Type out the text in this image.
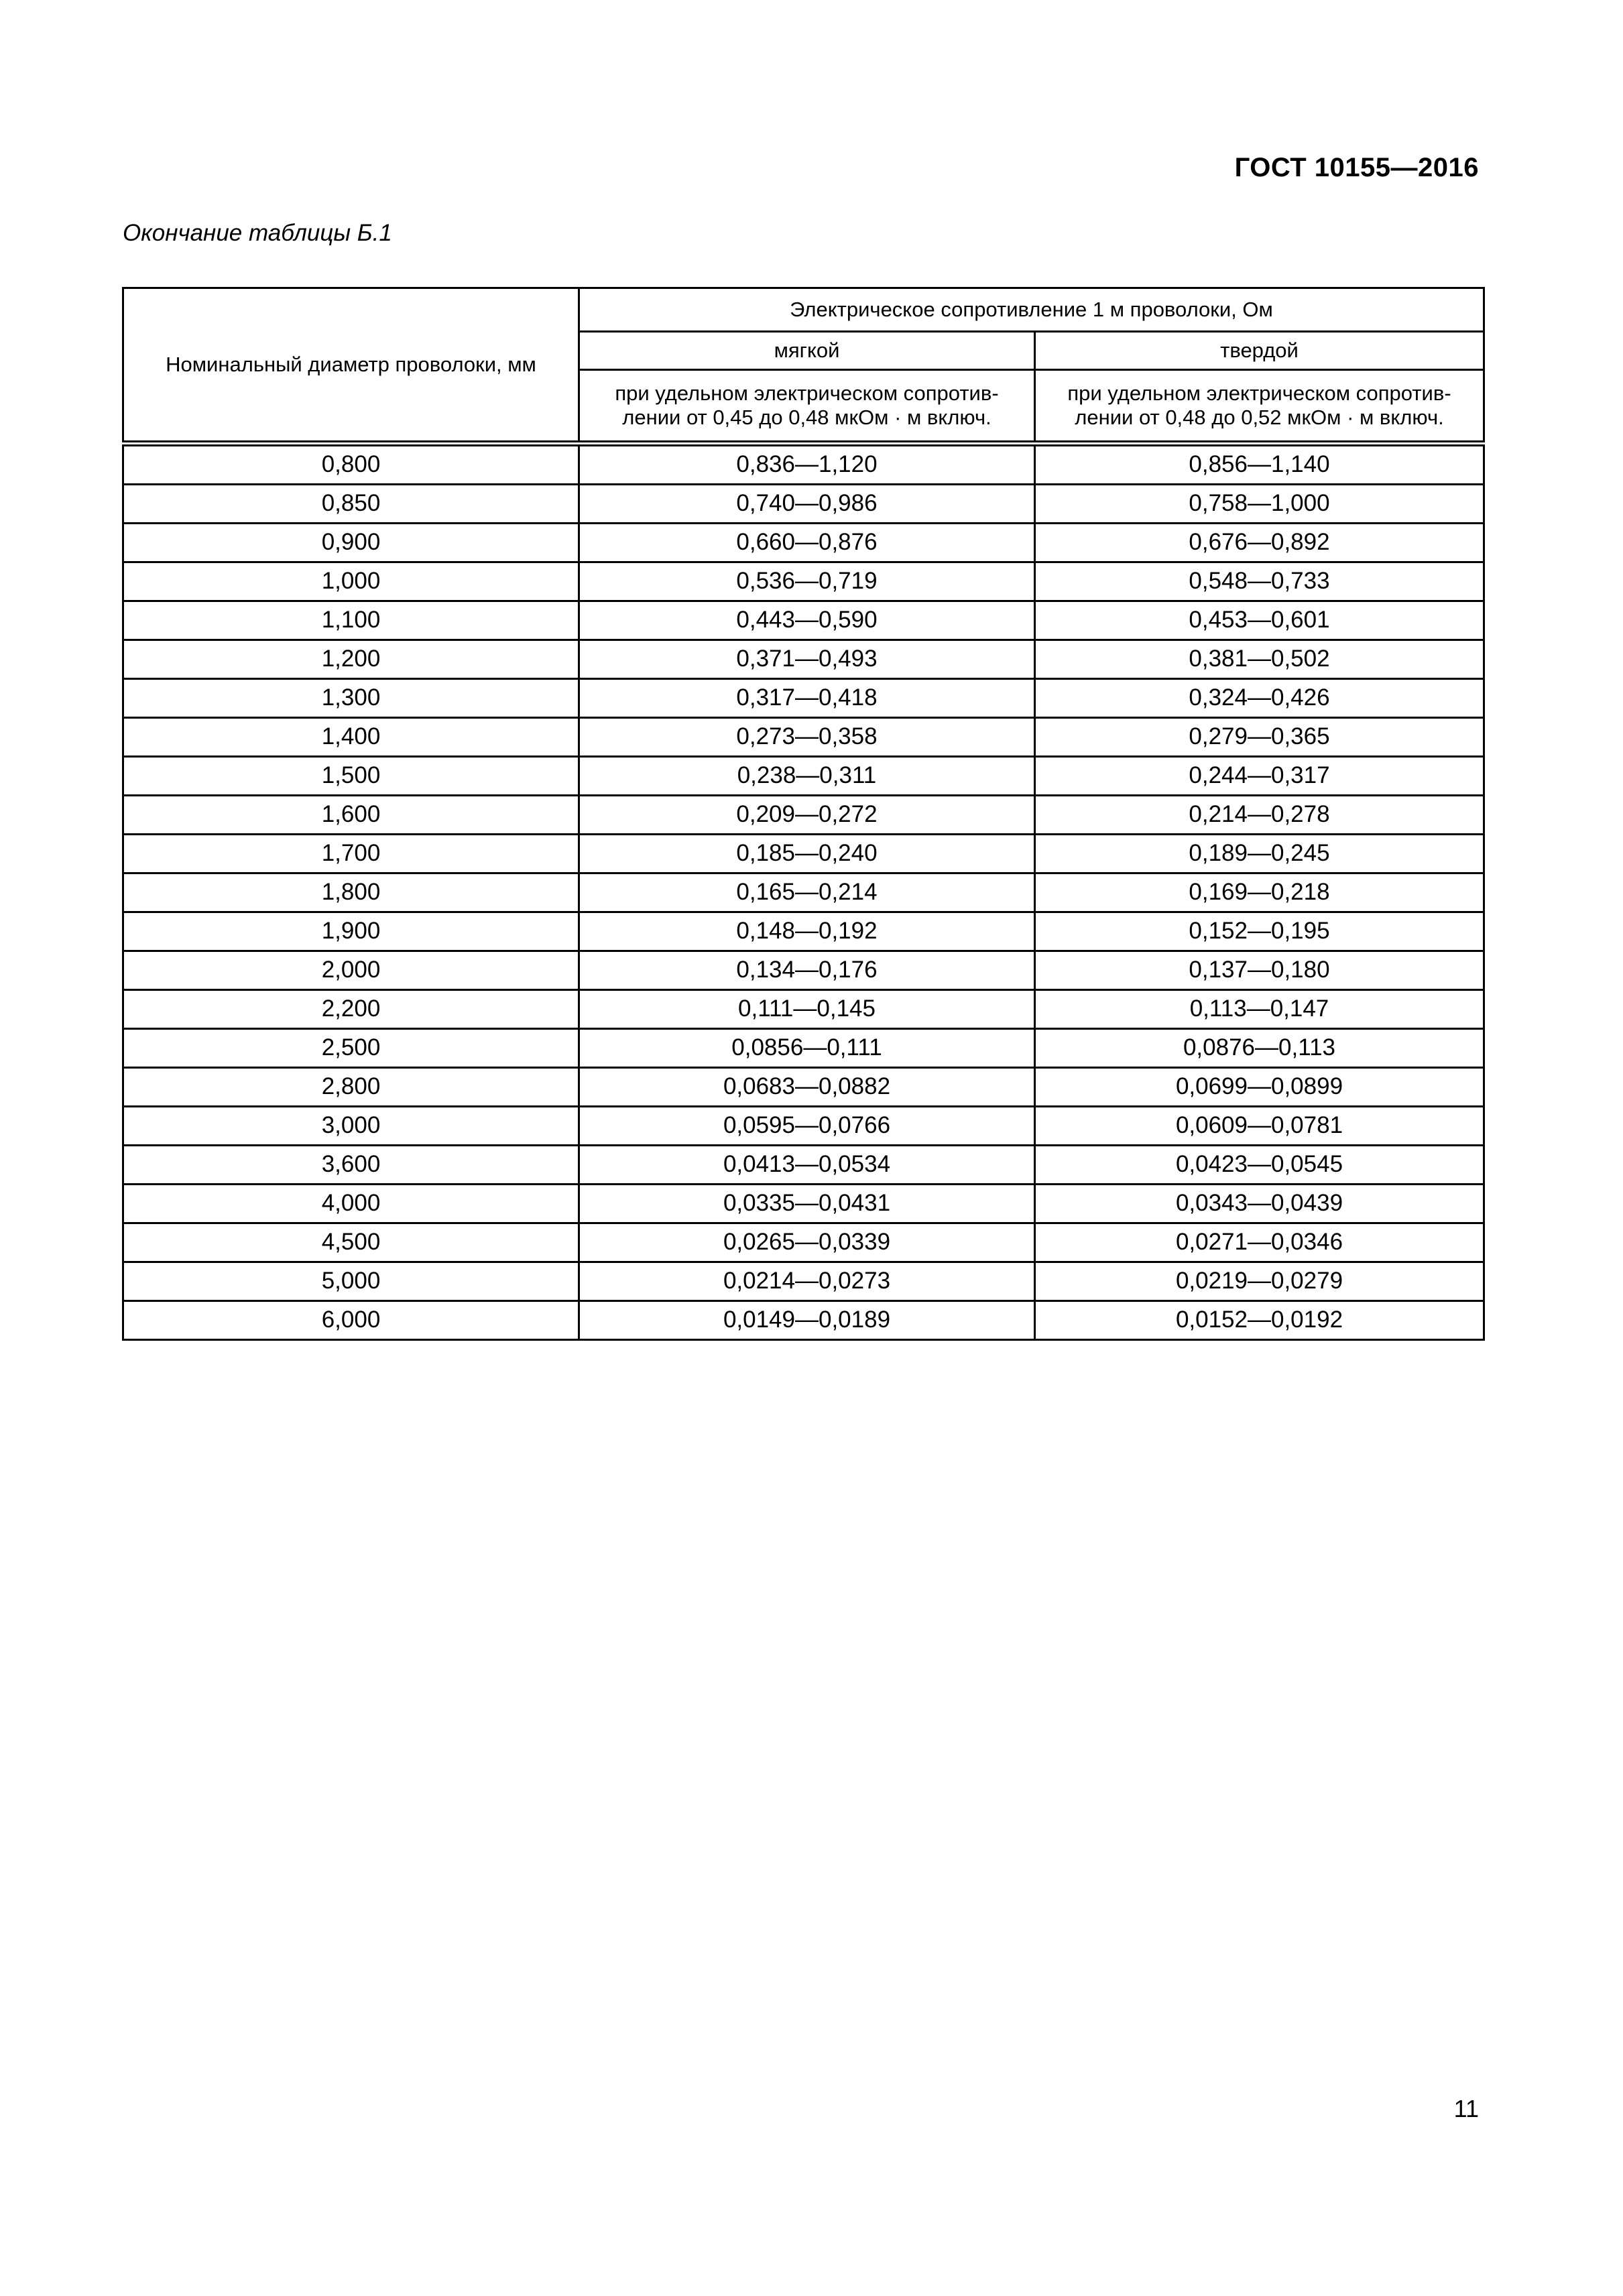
ГОСТ 10155—2016
Окончание таблицы Б.1
Номинальный диаметр проволоки, мм	Электрическое сопротивление 1 м проволоки, Ом	
	мягкой	твердой
	при удельном электрическом сопротив-лении от 0,45 до 0,48 мкОм · м включ.	при удельном электрическом сопротив-лении от 0,48 до 0,52 мкОм · м включ.
0,800	0,836—1,120	0,856—1,140
0,850	0,740—0,986	0,758—1,000
0,900	0,660—0,876	0,676—0,892
1,000	0,536—0,719	0,548—0,733
1,100	0,443—0,590	0,453—0,601
1,200	0,371—0,493	0,381—0,502
1,300	0,317—0,418	0,324—0,426
1,400	0,273—0,358	0,279—0,365
1,500	0,238—0,311	0,244—0,317
1,600	0,209—0,272	0,214—0,278
1,700	0,185—0,240	0,189—0,245
1,800	0,165—0,214	0,169—0,218
1,900	0,148—0,192	0,152—0,195
2,000	0,134—0,176	0,137—0,180
2,200	0,111—0,145	0,113—0,147
2,500	0,0856—0,111	0,0876—0,113
2,800	0,0683—0,0882	0,0699—0,0899
3,000	0,0595—0,0766	0,0609—0,0781
3,600	0,0413—0,0534	0,0423—0,0545
4,000	0,0335—0,0431	0,0343—0,0439
4,500	0,0265—0,0339	0,0271—0,0346
5,000	0,0214—0,0273	0,0219—0,0279
6,000	0,0149—0,0189	0,0152—0,0192
11
